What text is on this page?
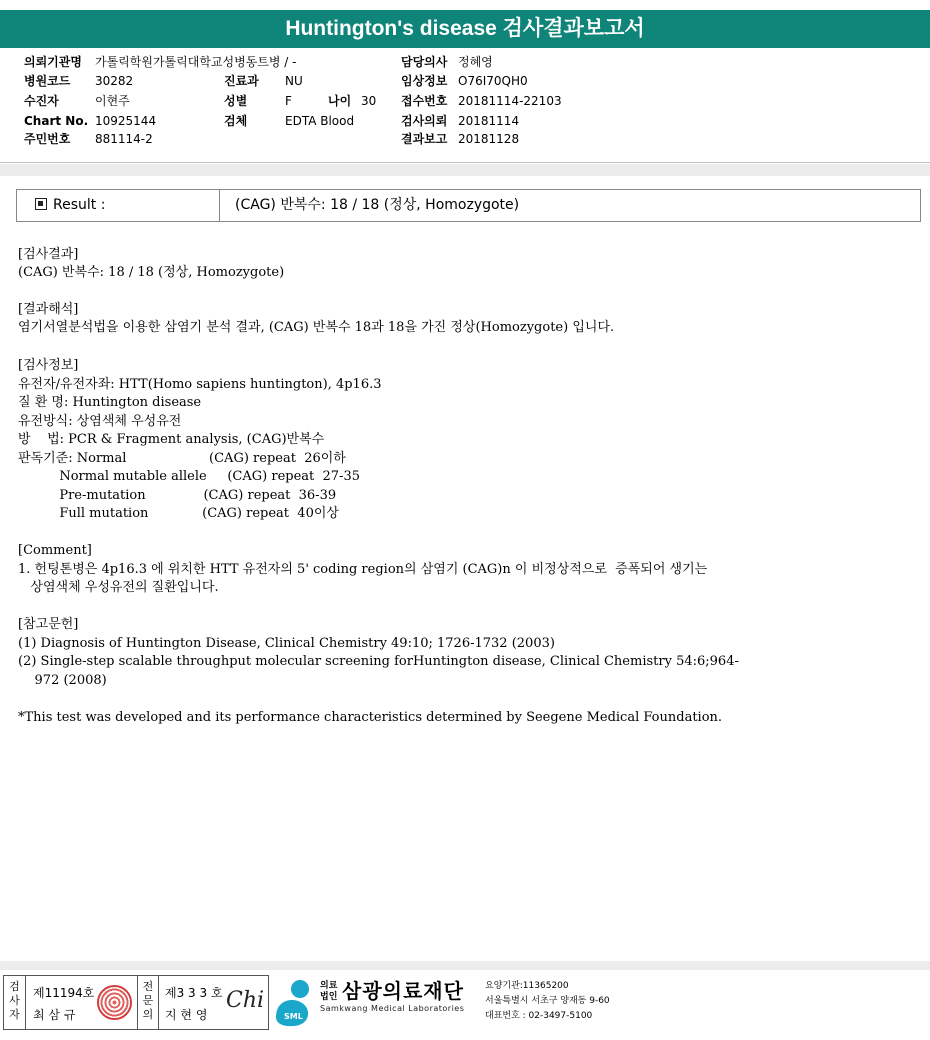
Huntington's disease 검사결과보고서
의뢰기관명 가톨릭학원가톨릭대학교성병동트병 / -	담당의사 정혜영
병원코드 30282	진료과 NU	임상정보 O76I70QH0
수진자	이현주	성별	F	나이 30 접수번호 20181114-22103
Chart No. 10925144	검체	EDTA Blood	검사의뢰 20181114
주민번호 881114-2	결과보고 20181128
Result :	(CAG) 반복수: 18 / 18 (정상, Homozygote)
[검사결과]
(CAG) 반복수: 18 / 18 (정상, Homozygote)
[결과해석]
염기서열분석법을 이용한 삼염기 분석 결과, (CAG) 반복수 18과 18을 가진 정상(Homozygote) 입니다.
[검사정보]
유전자/유전자좌: HTT(Homo sapiens huntington), 4p16.3
질 환 명: Huntington disease
유전방식: 상염색체 우성유전
방    법: PCR & Fragment analysis, (CAG)반복수
판독기준: Normal                    (CAG) repeat  26이하
Normal mutable allele     (CAG) repeat  27-35
Pre-mutation              (CAG) repeat  36-39
Full mutation             (CAG) repeat  40이상
[Comment]
1. 헌팅톤병은 4p16.3 에 위치한 HTT 유전자의 5' coding region의 삼염기 (CAG)n 이 비정상적으로  증폭되어 생기는
상염색체 우성유전의 질환입니다.
[참고문헌]
(1) Diagnosis of Huntington Disease, Clinical Chemistry 49:10; 1726-1732 (2003)
(2) Single-step scalable throughput molecular screening forHuntington disease, Clinical Chemistry 54:6;964-
972 (2008)
*This test was developed and its performance characteristics determined by Seegene Medical Foundation.
검사자
제11194호
최 삼 규
전문의
제3 3 3 호
지 현 영
Chi
SML
의료법인 삼광의료재단
Samkwang Medical Laboratories
요양기관:11365200
서울특별시 서초구 양재동 9-60
대표번호 : 02-3497-5100
